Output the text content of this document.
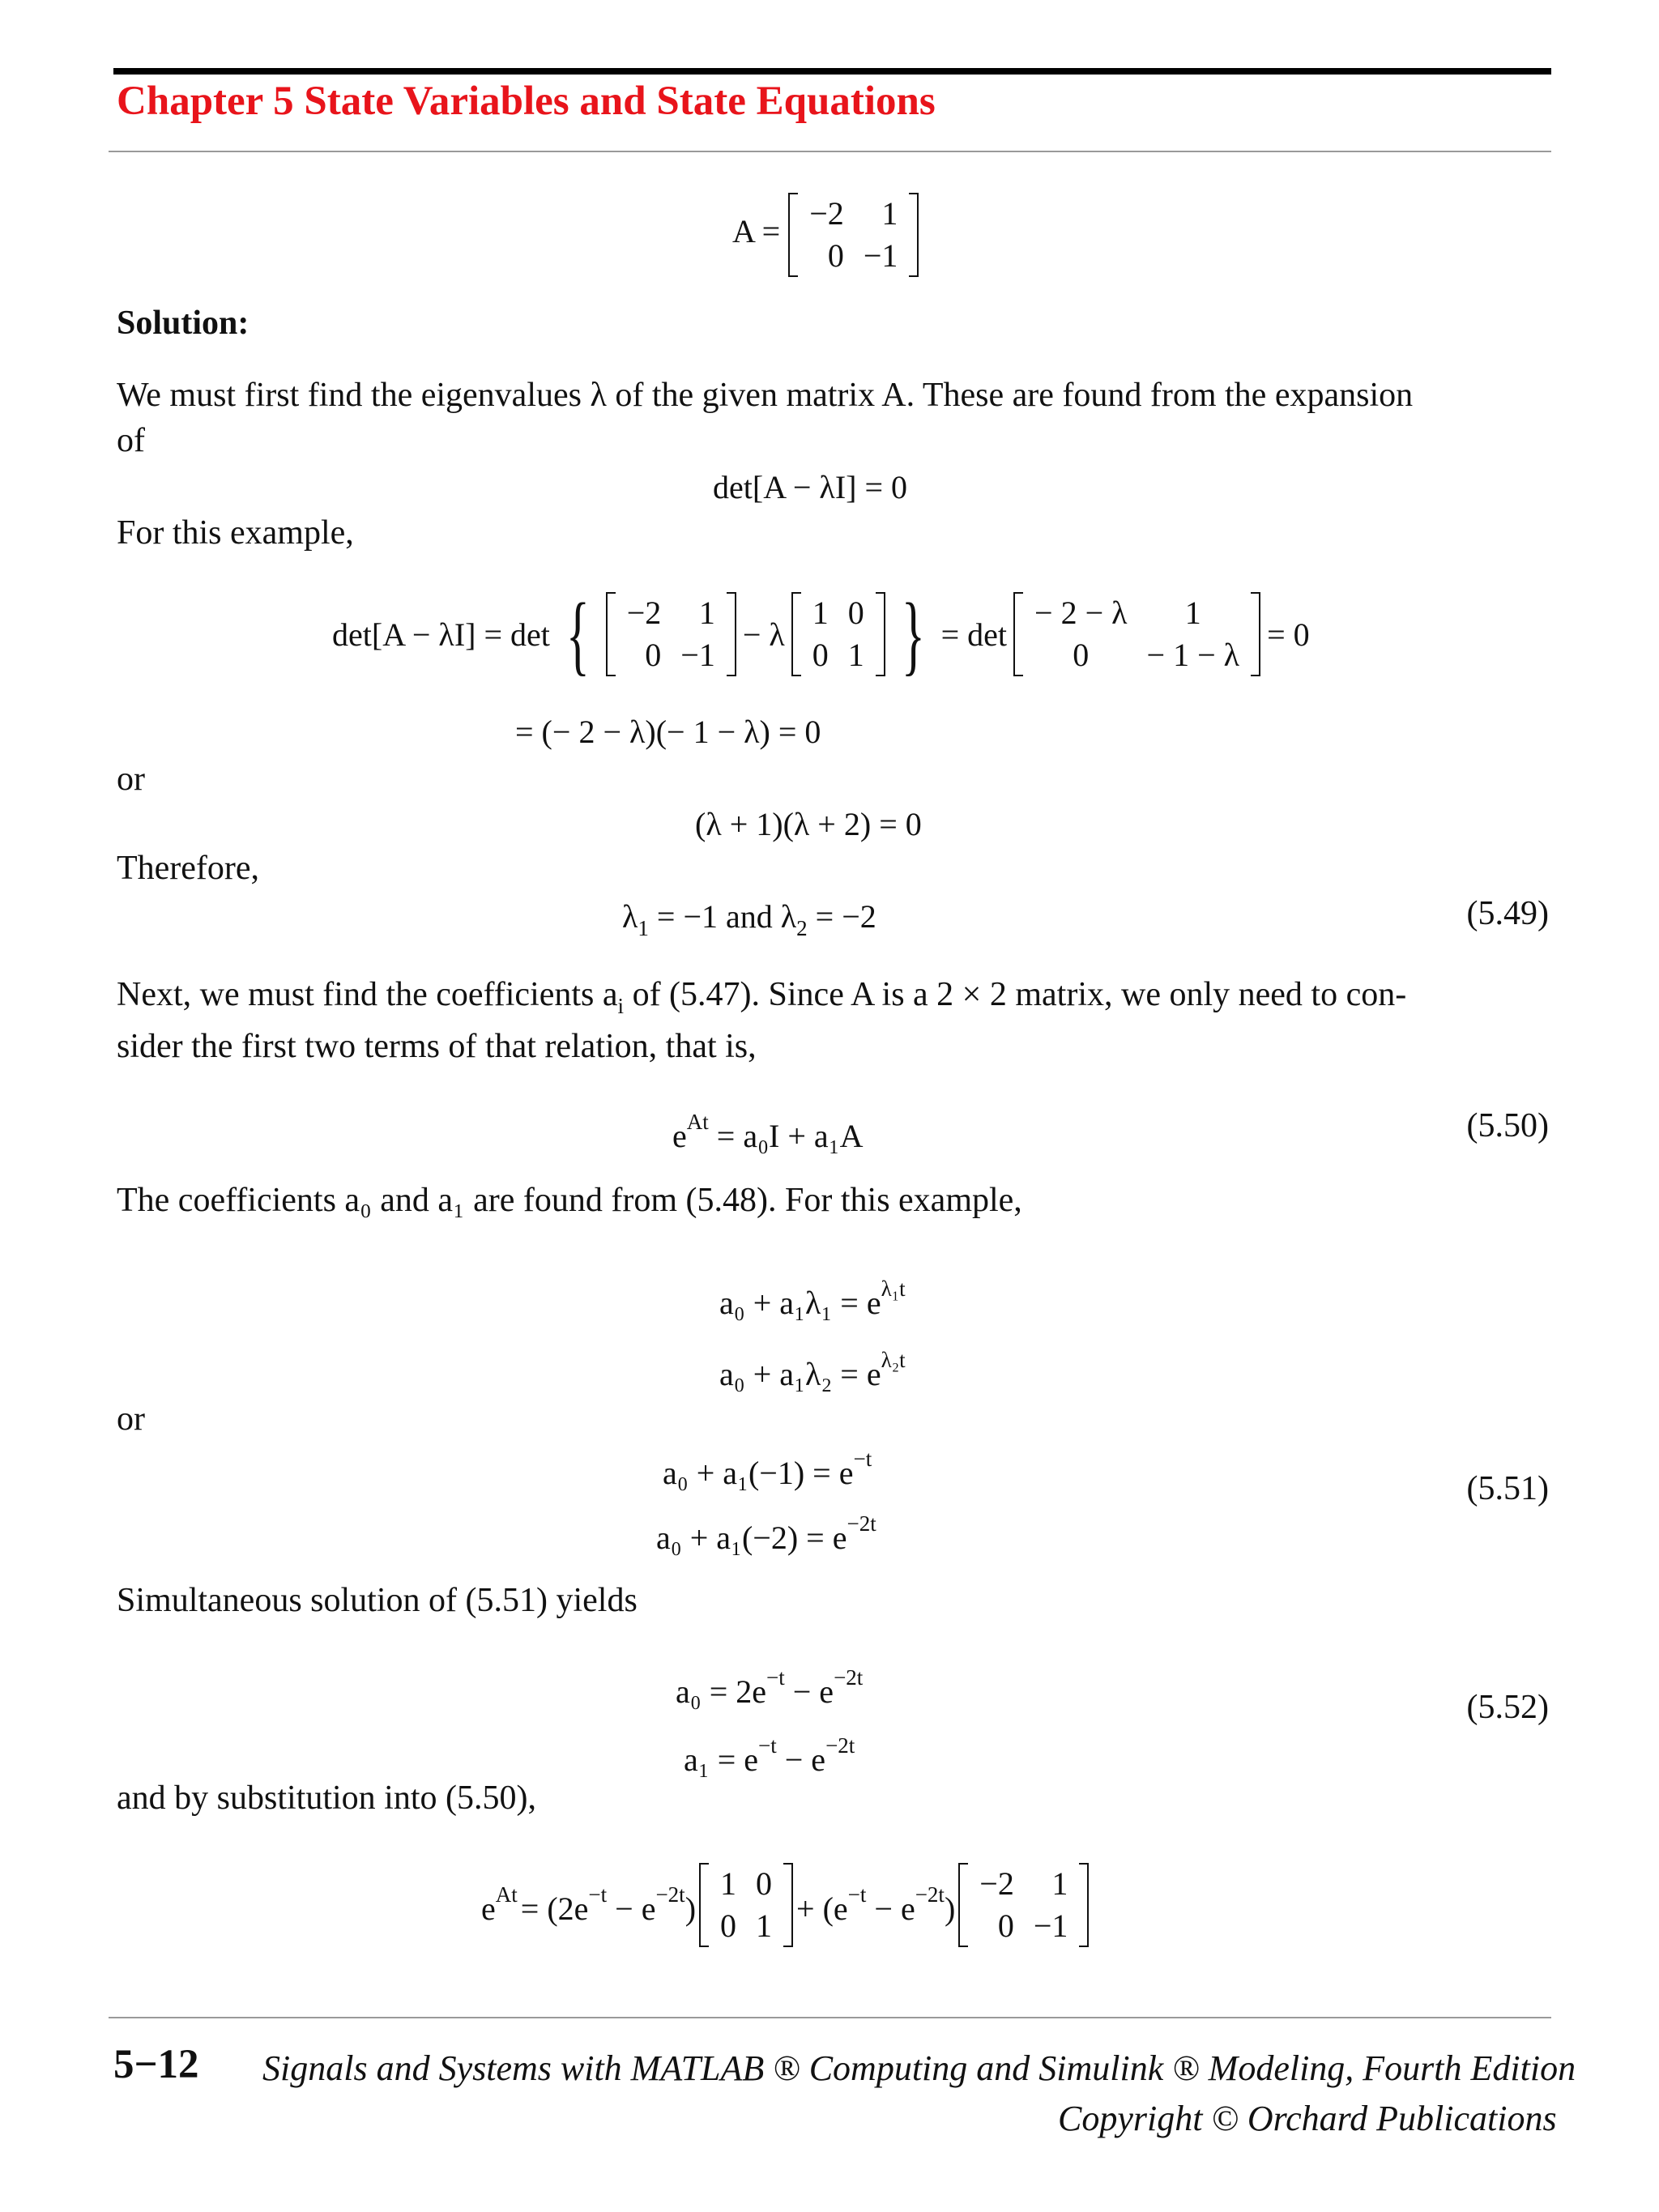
Chapter 5 State Variables and State Equations
A = −2	1
0	−1
Solution:
We must first find the eigenvalues λ of the given matrix A. These are found from the expansion
of
det[A − λI] = 0
For this example,
det[A − λI] = det { −2	1
0	−1
− λ
1	0
0	1 } = det
− 2 − λ	1
0	− 1 − λ
= 0
= (− 2 − λ)(− 1 − λ) = 0
or
(λ + 1)(λ + 2) = 0
Therefore,
$\lambda_1 = -1$ and $\lambda_2 = -2$	(5.49)
Next, we must find the coefficients $a_i$ of (5.47). Since A is a 2 × 2 matrix, we only need to con-
sider the first two terms of that relation, that is,
$e^{At} = a_0I + a_1A$	(5.50)
The coefficients a₀ and a₁ are found from (5.48). For this example,
$a_0 + a_1\lambda_1 = e^{\lambda_1t}$
$a_0 + a_1\lambda_2 = e^{\lambda_2t}$
or
$a_0 + a_1(-1) = e^{-t}$
$a_0 + a_1(-2) = e^{-2t}$
(5.51)
Simultaneous solution of (5.51) yields
$a_0 = 2e^{-t} - e^{-2t}$
$a_1 = e^{-t} - e^{-2t}$
(5.52)
and by substitution into (5.50),
$e^{At} = (2e^{-t} - e^{-2t})$
1	0
0	$1 + (e^{-t} - e^{-2t})$
−2	1
0	−1
5−12 Signals and Systems with MATLAB ® Computing and Simulink ® Modeling, Fourth Edition
Copyright © Orchard Publications
